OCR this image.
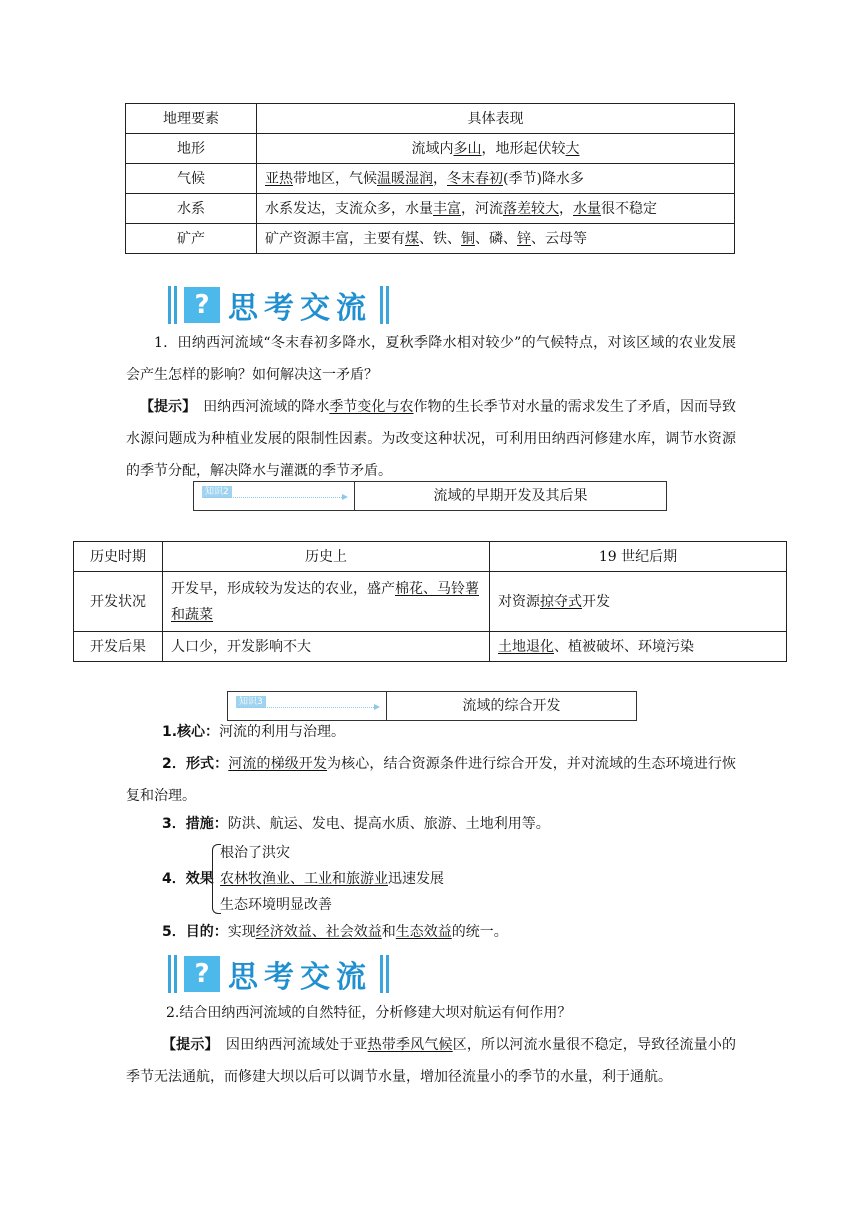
地理要素	具体表现
地形	流域内多山，地形起伏较大
气候	亚热带地区，气候温暖湿润，冬末春初(季节)降水多
水系	水系发达，支流众多，水量丰富，河流落差较大，水量很不稳定
矿产	矿产资源丰富，主要有煤、铁、铜、磷、锌、云母等
? 思考交流
1．田纳西河流域“冬末春初多降水，夏秋季降水相对较少”的气候特点，对该区域的农业发展会产生怎样的影响？如何解决这一矛盾？
【提示】　 田纳西河流域的降水季节变化与农作物的生长季节对水量的需求发生了矛盾，因而导致水源问题成为种植业发展的限制性因素。为改变这种状况，可利用田纳西河修建水库，调节水资源的季节分配，解决降水与灌溉的季节矛盾。
知识2	流域的早期开发及其后果
历史时期	历史上	19 世纪后期
开发状况	开发早，形成较为发达的农业，盛产棉花、马铃薯和蔬菜	对资源掠夺式开发
开发后果	人口少，开发影响不大	土地退化、植被破坏、环境污染
知识3	流域的综合开发
1.核心：河流的利用与治理。
2．形式：河流的梯级开发为核心，结合资源条件进行综合开发，并对流域的生态环境进行恢复和治理。
3．措施：防洪、航运、发电、提高水质、旅游、土地利用等。
4．效果
根治了洪灾
农林牧渔业、工业和旅游业迅速发展
生态环境明显改善
5．目的：实现经济效益、社会效益和生态效益的统一。
? 思考交流
2.结合田纳西河流域的自然特征，分析修建大坝对航运有何作用？
【提示】　 因田纳西河流域处于亚热带季风气候区，所以河流水量很不稳定，导致径流量小的季节无法通航，而修建大坝以后可以调节水量，增加径流量小的季节的水量，利于通航。
